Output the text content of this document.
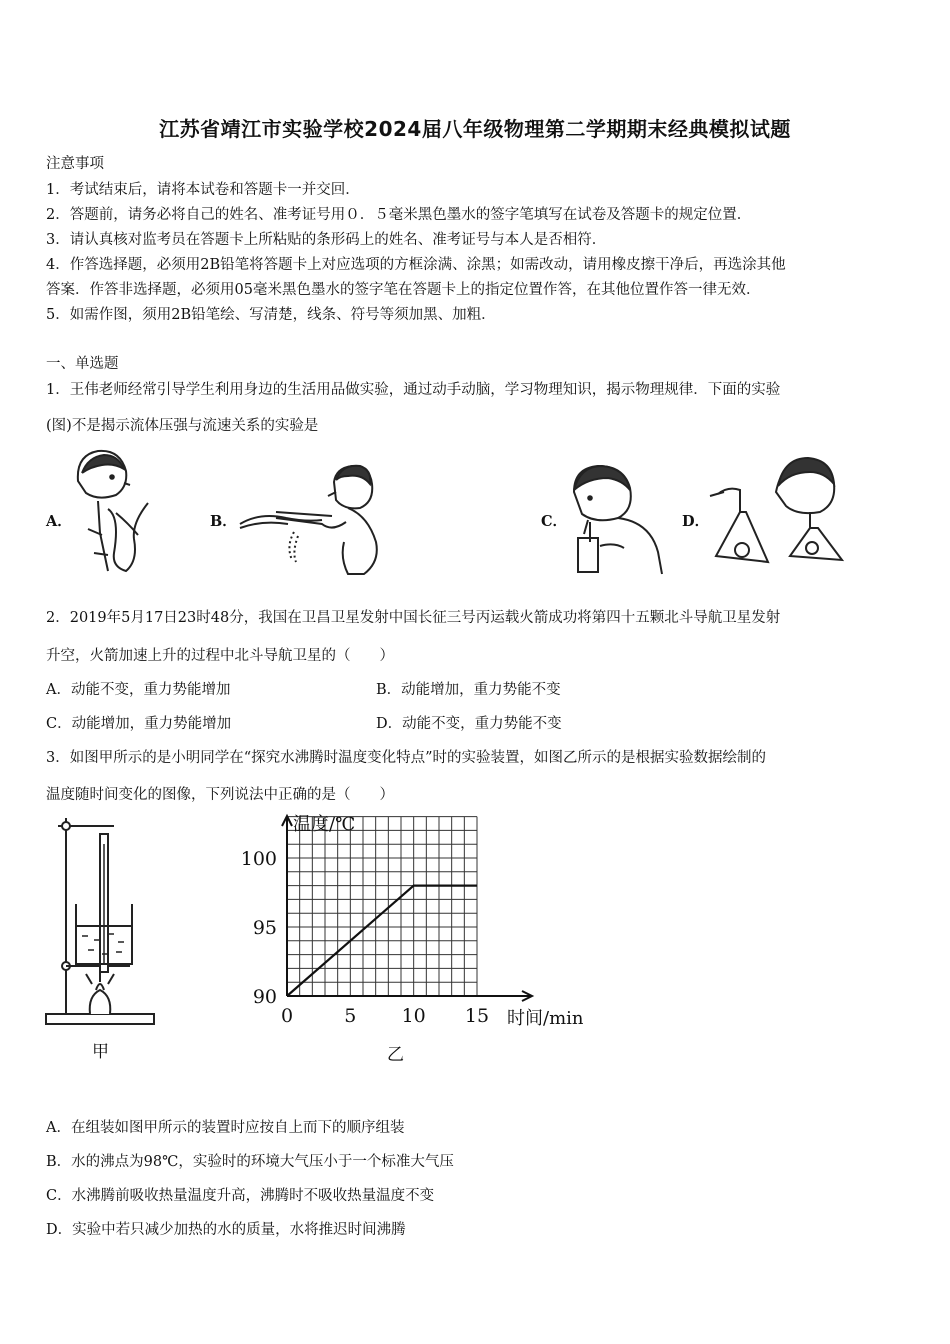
江苏省靖江市实验学校2024届八年级物理第二学期期末经典模拟试题
注意事项
1．考试结束后，请将本试卷和答题卡一并交回．
2．答题前，请务必将自己的姓名、准考证号用０．５毫米黑色墨水的签字笔填写在试卷及答题卡的规定位置．
3．请认真核对监考员在答题卡上所粘贴的条形码上的姓名、准考证号与本人是否相符．
4．作答选择题，必须用2B铅笔将答题卡上对应选项的方框涂满、涂黑；如需改动，请用橡皮擦干净后，再选涂其他
答案．作答非选择题，必须用05毫米黑色墨水的签字笔在答题卡上的指定位置作答，在其他位置作答一律无效．
5．如需作图，须用2B铅笔绘、写清楚，线条、符号等须加黑、加粗．
一、单选题
1．王伟老师经常引导学生利用身边的生活用品做实验，通过动手动脑，学习物理知识，揭示物理规律．下面的实验
(图)不是揭示流体压强与流速关系的实验是
A．	B．	C．	D．
2．2019年5月17日23时48分，我国在卫昌卫星发射中国长征三号丙运载火箭成功将第四十五颗北斗导航卫星发射
升空，火箭加速上升的过程中北斗导航卫星的（　　）
A．动能不变，重力势能增加	B．动能增加，重力势能不变
C．动能增加，重力势能增加	D．动能不变，重力势能不变
3．如图甲所示的是小明同学在“探究水沸腾时温度变化特点”时的实验装置，如图乙所示的是根据实验数据绘制的
温度随时间变化的图像，下列说法中正确的是（　　）
甲
90
95
100
0	5 10 15
温度/℃
时间/min
乙
A．在组装如图甲所示的装置时应按自上而下的顺序组装
B．水的沸点为98℃，实验时的环境大气压小于一个标准大气压
C．水沸腾前吸收热量温度升高，沸腾时不吸收热量温度不变
D．实验中若只减少加热的水的质量，水将推迟时间沸腾
